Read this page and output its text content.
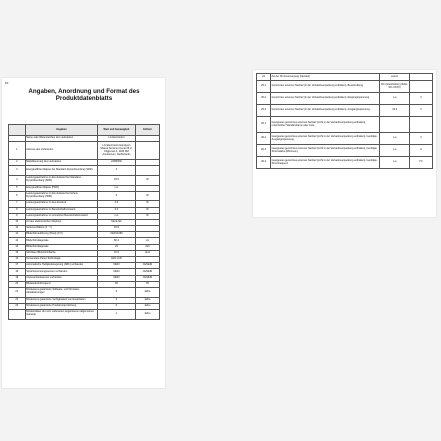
10
Angaben, Anordnung und Format des Produktdatenblatts
	Angaben	Wert und Genauigkeit	Einheit
	Name oder Warenzeichen des Lieferanten	LG Electronics	
1	Adresse des Lieferanten	LG Electronics European Shared Services Center B.V., Krijgsman 1, 1186 DM Amstelveen, Netherlands	
2	Modellkennung des Lieferanten	24MP430	
3	Energieeffizienzklasse bei Standard-Dynamikumfang (SDR)	F	
4	Leistungsaufnahme im Ein-Zustand bei Standard-Dynamikumfang (SDR)	19.5	W
5	Energieeffizienzklasse (HDR)	n.a.	
6	Leistungsaufnahme im Ein-Zustand bei hohem Dynamikumfang (HDR)	0	W
7	Leistungsaufnahme im Aus-Zustand	0.3	W
8	Leistungsaufnahme im Bereitschaftszustand	0.3	W
9	Leistungsaufnahme im vernetzten Bereitschaftszustand	n.a.	W
10	Art des elektronischen Displays	Mock-fair	
11	Seitenverhältnis (X : Y)	16:9	
12	Bildschirmauflösung (Pixel) (X:X)	1920x1080	
13	Bildschirmdiagonale	60.4	cm
14	Bildschirmdiagonale	24	Zoll
15	Sichtbare Bildschirmfläche	15.9	dm2
16	Verwendete Panel-Technologie	LED LCD	
17	Automatische Helligkeitsregelung (ABC) vorhanden	NEIN	JA/NEIN
18	Spracherkennungssensor vorhanden	NEIN	JA/NEIN
19	Anwesenheitssensor vorhanden	NEIN	JA/NEIN
20	Bildwiederholfrequenz	60	Hz
21	Mindestens garantierte Software- und Firmware-Aktualisierungen	0	Jahre
22	Mindestens garantierte Verfügbarkeit von Ersatzteilen	0	Jahre
23	Mindestens garantierte Produktunterstützung	0	Jahre
	Mindestdauer der vom Lieferanten angebotenen allgemeinen Garantie	1	Jahre
24	Art der Stromversorgung (Netzteil)	extern	
25.1	Genormtes externes Netzteil (in der Verkaufsverpackung enthalten), Beschreibung	DC (Gleichstrom) (EAU-RC-XXXX)	
25.2	Genormtes externes Netzteil (in der Verkaufsverpackung enthalten), Eingangsspannung	n.a	V
25.3	Genormtes externes Netzteil (in der Verkaufsverpackung enthalten), Ausgangsspannung	19.0	V
26.1	Geeignetes genormtes externes Netzteil (nicht in der Verkaufsverpackung enthalten), unterstützter Standardname oder Liste		
26.2	Geeignetes genormtes externes Netzteil (nicht in der Verkaufsverpackung enthalten), benötigte Ausgangsspannung	n.a	V
26.3	Geeignetes genormtes externes Netzteil (nicht in der Verkaufsverpackung enthalten), benötigte Stromstärke (Minimum)	n.a	A
26.4	Geeignetes genormtes externes Netzteil (nicht in der Verkaufsverpackung enthalten), benötigte Stromfrequenz	n.a	Hz
